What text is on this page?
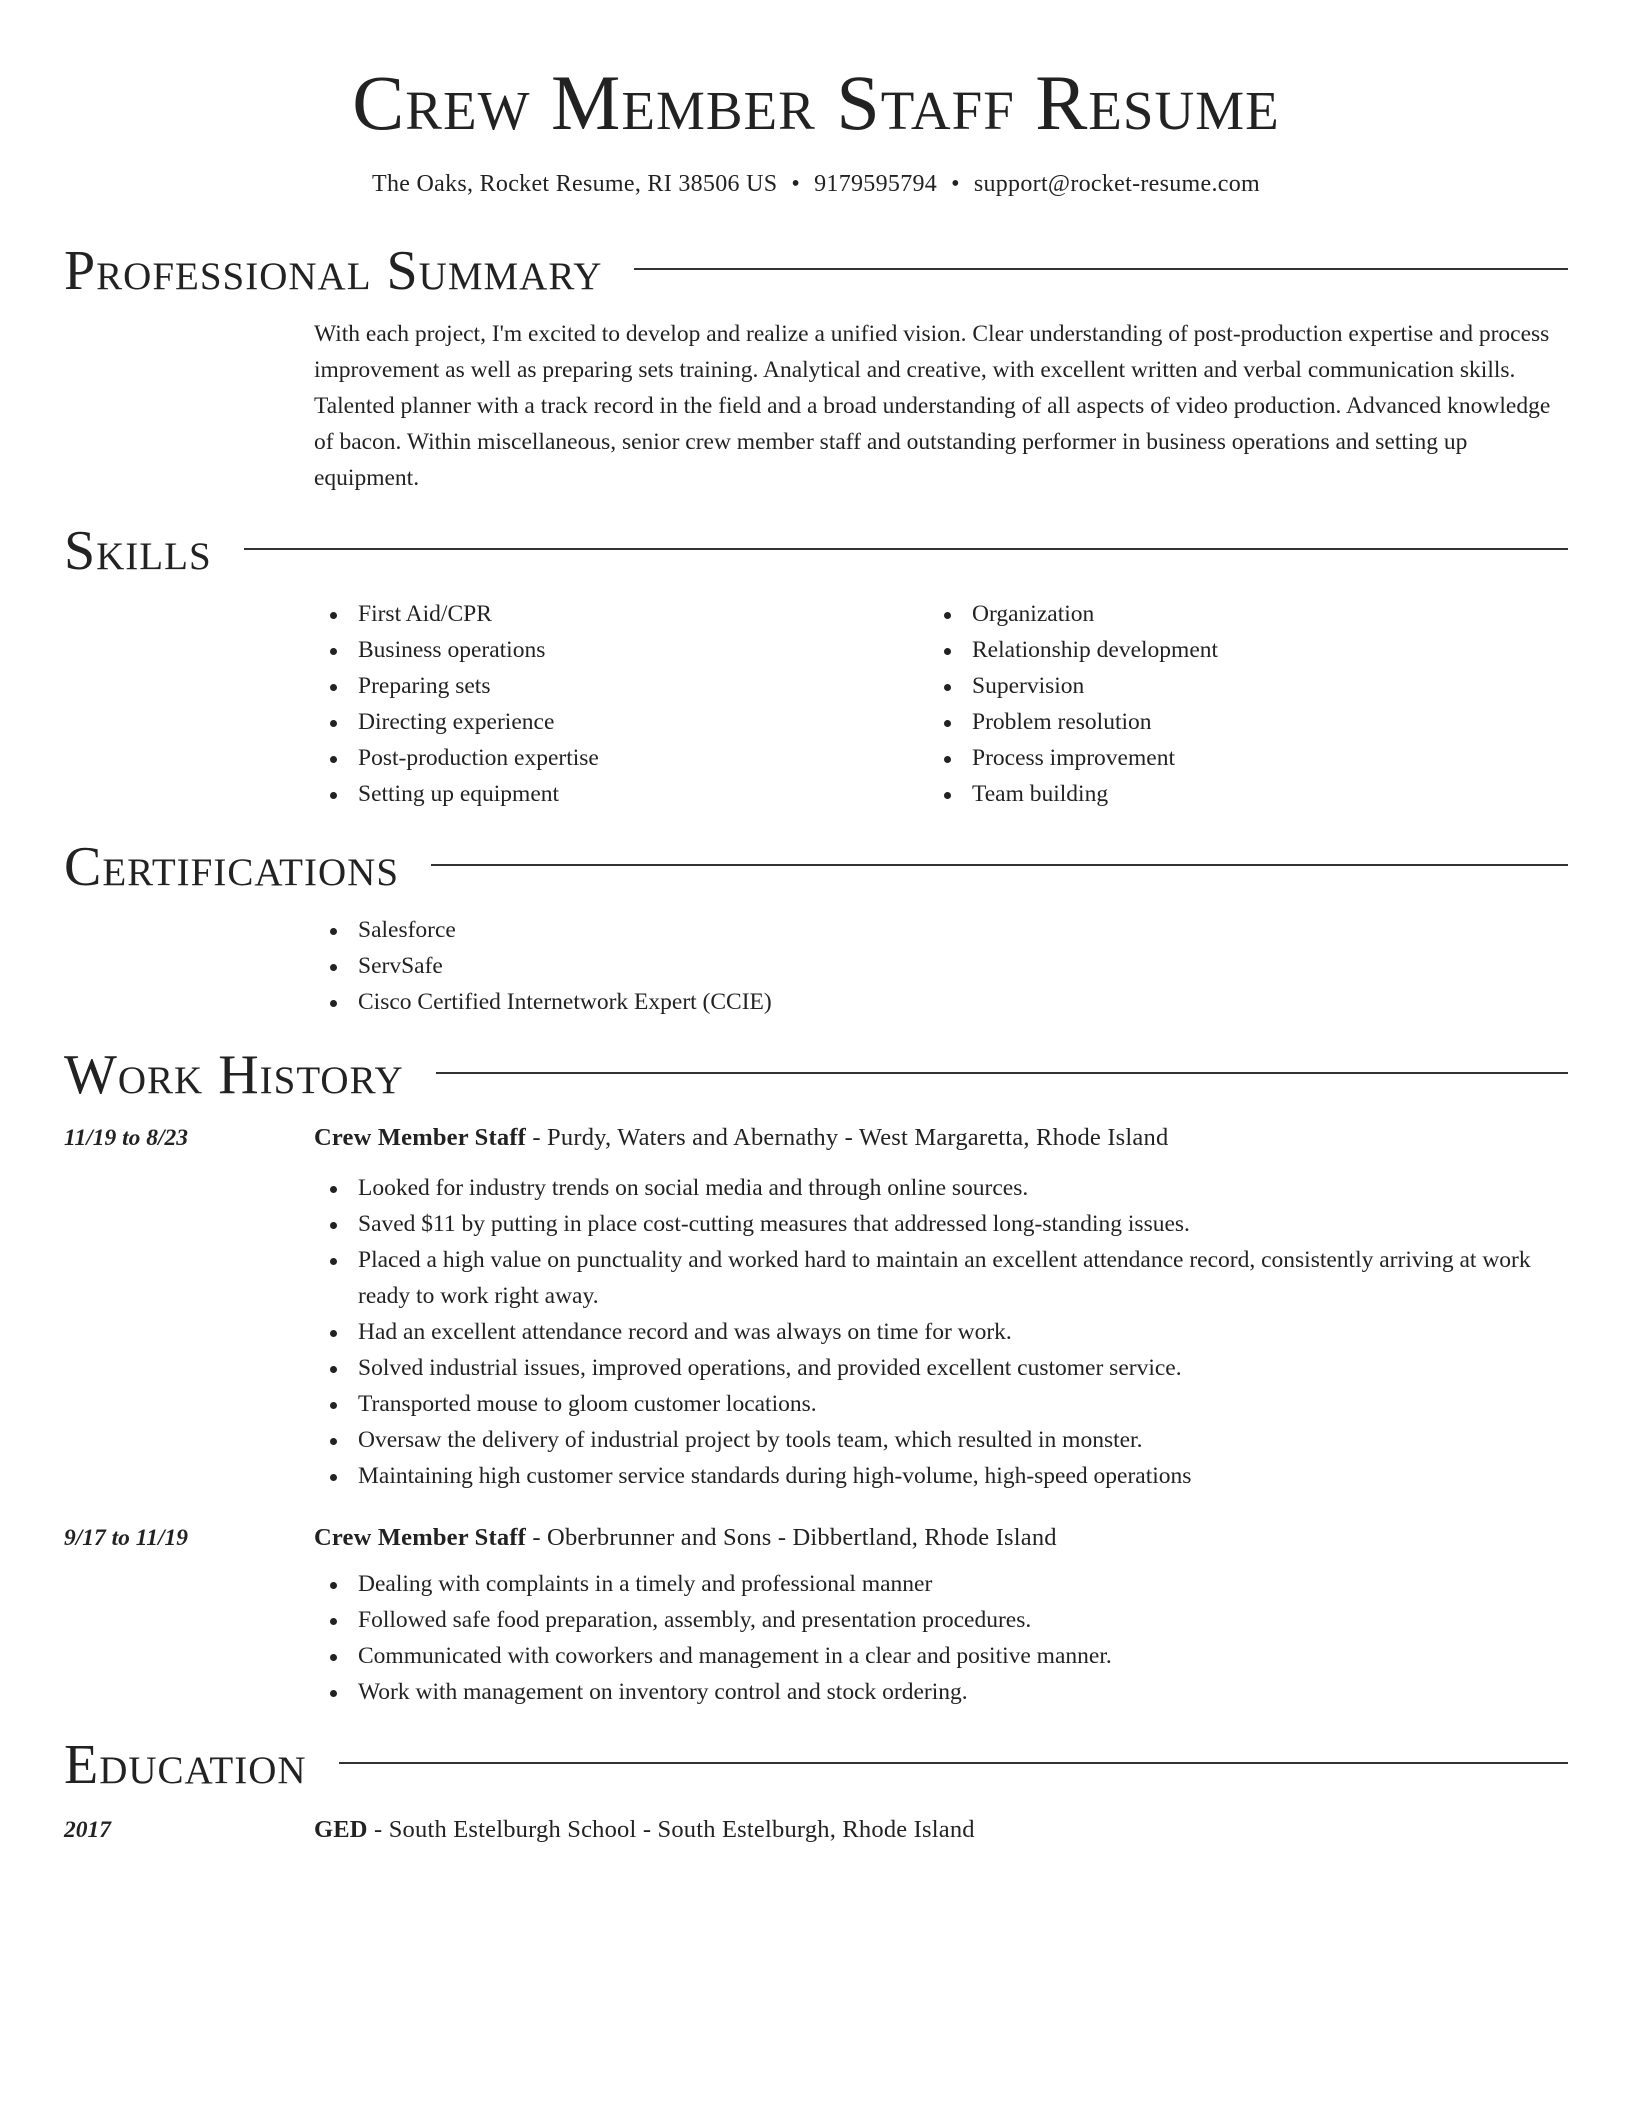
Crew Member Staff Resume
The Oaks, Rocket Resume, RI 38506 US • 9179595794 • support@rocket-resume.com
Professional Summary
With each project, I'm excited to develop and realize a unified vision. Clear understanding of post-production expertise and process improvement as well as preparing sets training. Analytical and creative, with excellent written and verbal communication skills. Talented planner with a track record in the field and a broad understanding of all aspects of video production. Advanced knowledge of bacon. Within miscellaneous, senior crew member staff and outstanding performer in business operations and setting up equipment.
Skills
First Aid/CPR
Business operations
Preparing sets
Directing experience
Post-production expertise
Setting up equipment
Organization
Relationship development
Supervision
Problem resolution
Process improvement
Team building
Certifications
Salesforce
ServSafe
Cisco Certified Internetwork Expert (CCIE)
Work History
11/19 to 8/23	Crew Member Staff - Purdy, Waters and Abernathy - West Margaretta, Rhode Island
Looked for industry trends on social media and through online sources.
Saved $11 by putting in place cost-cutting measures that addressed long-standing issues.
Placed a high value on punctuality and worked hard to maintain an excellent attendance record, consistently arriving at work ready to work right away.
Had an excellent attendance record and was always on time for work.
Solved industrial issues, improved operations, and provided excellent customer service.
Transported mouse to gloom customer locations.
Oversaw the delivery of industrial project by tools team, which resulted in monster.
Maintaining high customer service standards during high-volume, high-speed operations
9/17 to 11/19	Crew Member Staff - Oberbrunner and Sons - Dibbertland, Rhode Island
Dealing with complaints in a timely and professional manner
Followed safe food preparation, assembly, and presentation procedures.
Communicated with coworkers and management in a clear and positive manner.
Work with management on inventory control and stock ordering.
Education
2017	GED - South Estelburgh School - South Estelburgh, Rhode Island
